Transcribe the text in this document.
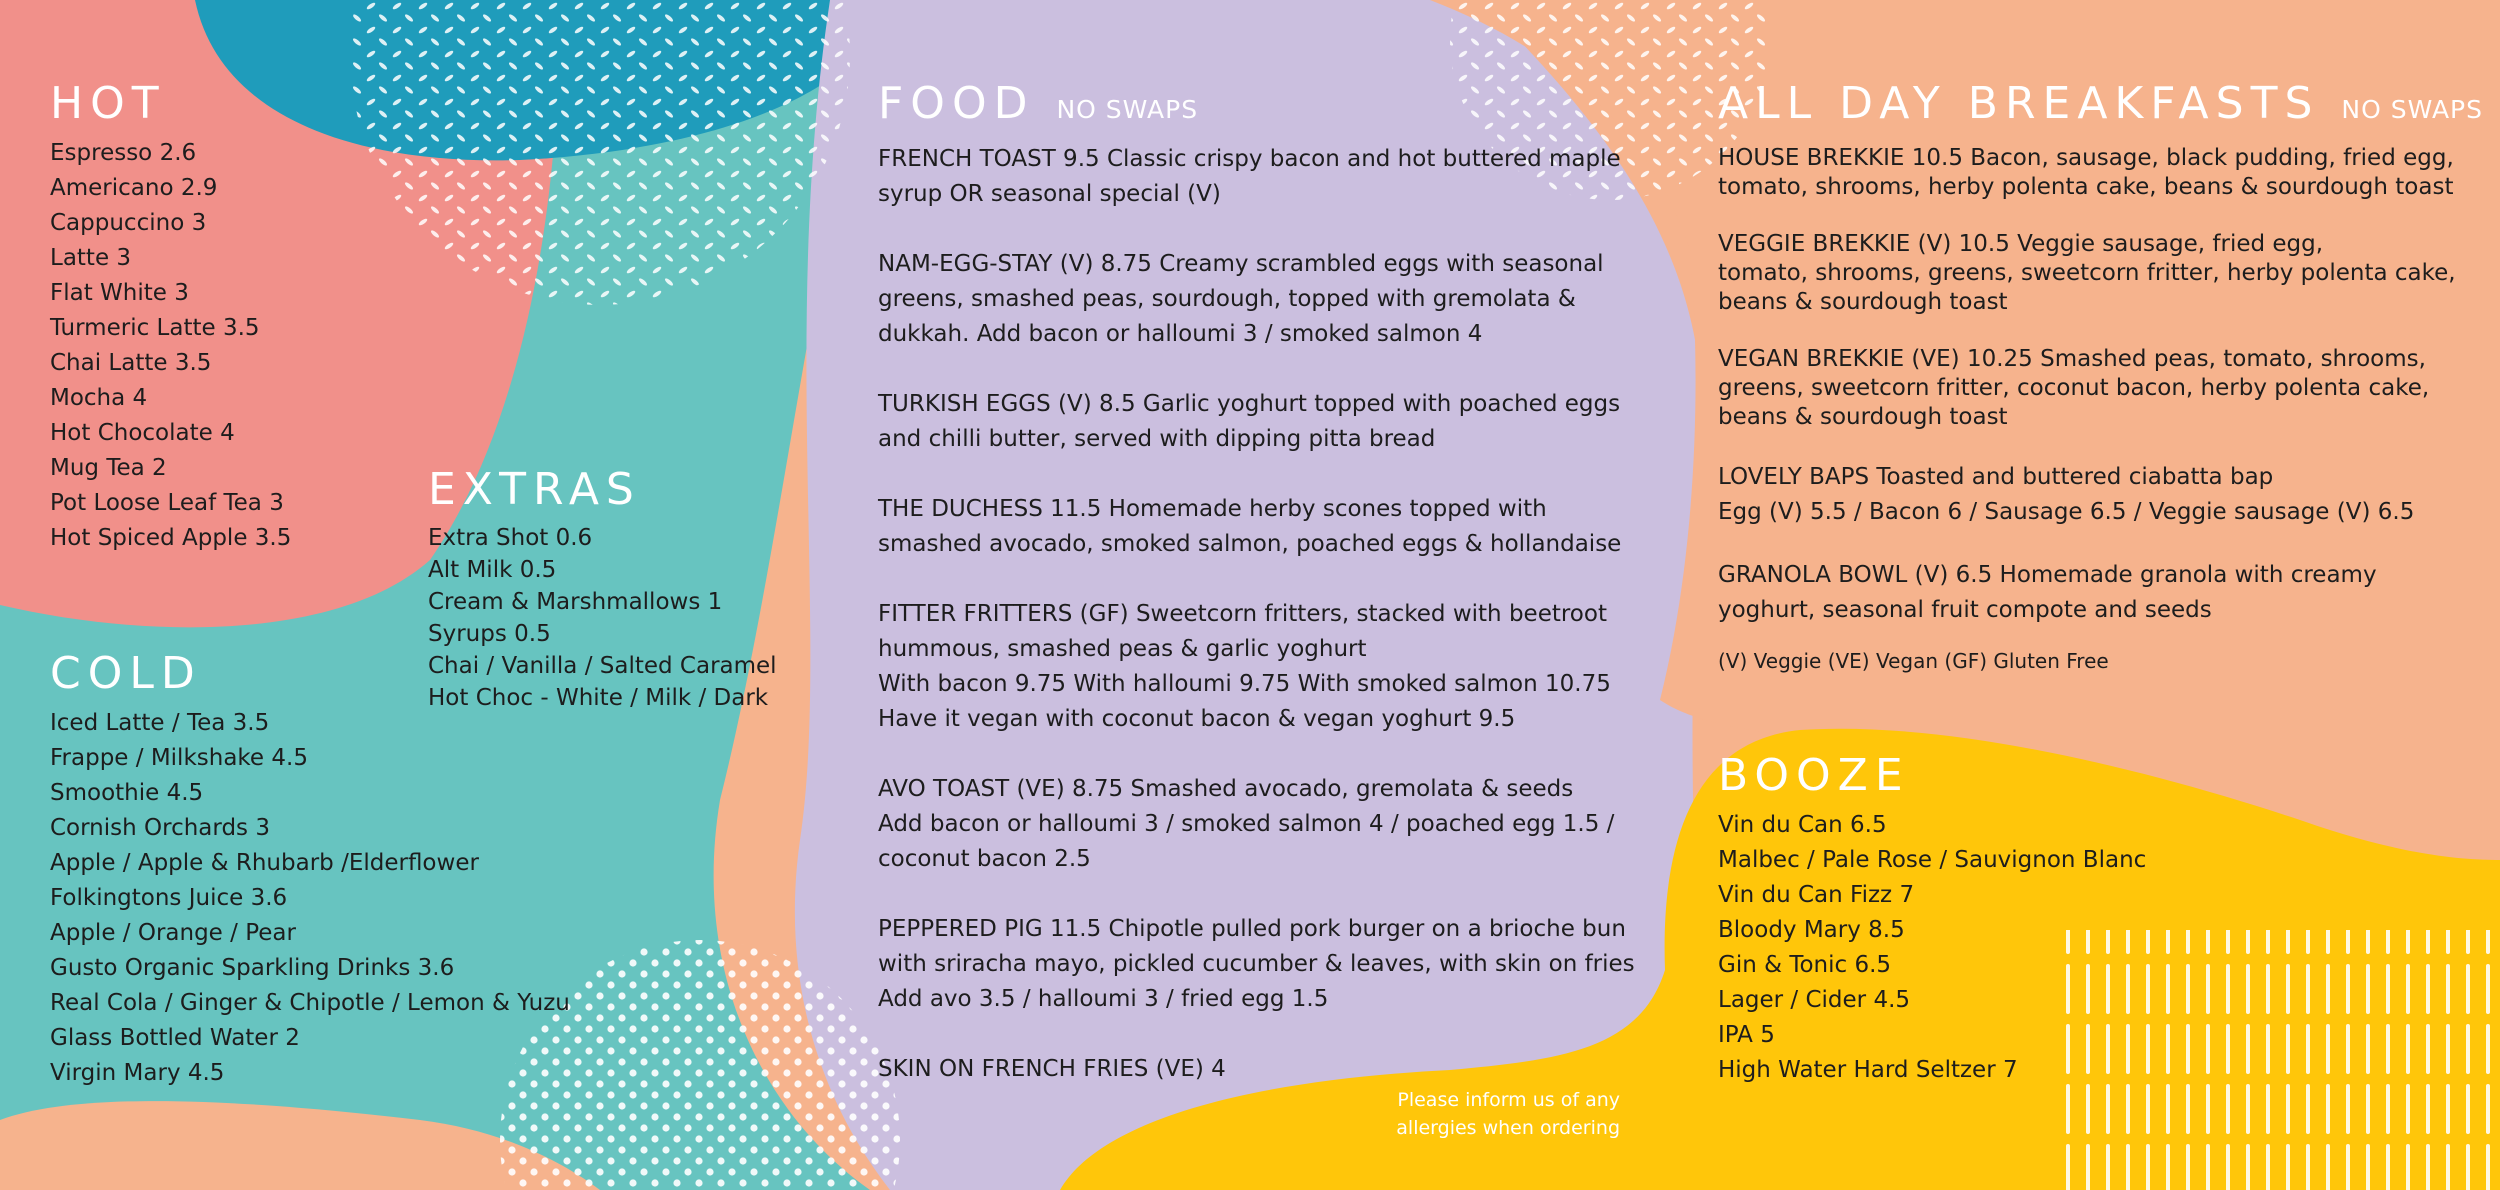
HOT
Espresso 2.6
Americano 2.9
Cappuccino 3
Latte 3
Flat White 3
Turmeric Latte 3.5
Chai Latte 3.5
Mocha 4
Hot Chocolate 4
Mug Tea 2
Pot Loose Leaf Tea 3
Hot Spiced Apple 3.5
EXTRAS
Extra Shot 0.6
Alt Milk 0.5
Cream & Marshmallows 1
Syrups 0.5
Chai / Vanilla / Salted Caramel
Hot Choc - White / Milk / Dark
COLD
Iced Latte / Tea 3.5
Frappe / Milkshake 4.5
Smoothie 4.5
Cornish Orchards 3
Apple / Apple & Rhubarb /Elderflower
Folkingtons Juice 3.6
Apple / Orange / Pear
Gusto Organic Sparkling Drinks 3.6
Real Cola / Ginger & Chipotle / Lemon & Yuzu
Glass Bottled Water 2
Virgin Mary 4.5
FOOD NO SWAPS
FRENCH TOAST 9.5 Classic crispy bacon and hot buttered maple
syrup OR seasonal special (V)
NAM-EGG-STAY (V) 8.75 Creamy scrambled eggs with seasonal
greens, smashed peas, sourdough, topped with gremolata &
dukkah. Add bacon or halloumi 3 / smoked salmon 4
TURKISH EGGS (V) 8.5 Garlic yoghurt topped with poached eggs
and chilli butter, served with dipping pitta bread
THE DUCHESS 11.5 Homemade herby scones topped with
smashed avocado, smoked salmon, poached eggs & hollandaise
FITTER FRITTERS (GF) Sweetcorn fritters, stacked with beetroot
hummous, smashed peas & garlic yoghurt
With bacon 9.75 With halloumi 9.75 With smoked salmon 10.75
Have it vegan with coconut bacon & vegan yoghurt 9.5
AVO TOAST (VE) 8.75 Smashed avocado, gremolata & seeds
Add bacon or halloumi 3 / smoked salmon 4 / poached egg 1.5 /
coconut bacon 2.5
PEPPERED PIG 11.5 Chipotle pulled pork burger on a brioche bun
with sriracha mayo, pickled cucumber & leaves, with skin on fries
Add avo 3.5 / halloumi 3 / fried egg 1.5
SKIN ON FRENCH FRIES (VE) 4
Please inform us of any
allergies when ordering
ALL DAY BREAKFASTS NO SWAPS
HOUSE BREKKIE 10.5 Bacon, sausage, black pudding, fried egg,
tomato, shrooms, herby polenta cake, beans & sourdough toast
VEGGIE BREKKIE (V) 10.5 Veggie sausage, fried egg,
tomato, shrooms, greens, sweetcorn fritter, herby polenta cake,
beans & sourdough toast
VEGAN BREKKIE (VE) 10.25 Smashed peas, tomato, shrooms,
greens, sweetcorn fritter, coconut bacon, herby polenta cake,
beans & sourdough toast
LOVELY BAPS Toasted and buttered ciabatta bap
Egg (V) 5.5 / Bacon 6 / Sausage 6.5 / Veggie sausage (V) 6.5
GRANOLA BOWL (V) 6.5 Homemade granola with creamy
yoghurt, seasonal fruit compote and seeds
(V) Veggie (VE) Vegan (GF) Gluten Free
BOOZE
Vin du Can 6.5
Malbec / Pale Rose / Sauvignon Blanc
Vin du Can Fizz 7
Bloody Mary 8.5
Gin & Tonic 6.5
Lager / Cider 4.5
IPA 5
High Water Hard Seltzer 7
